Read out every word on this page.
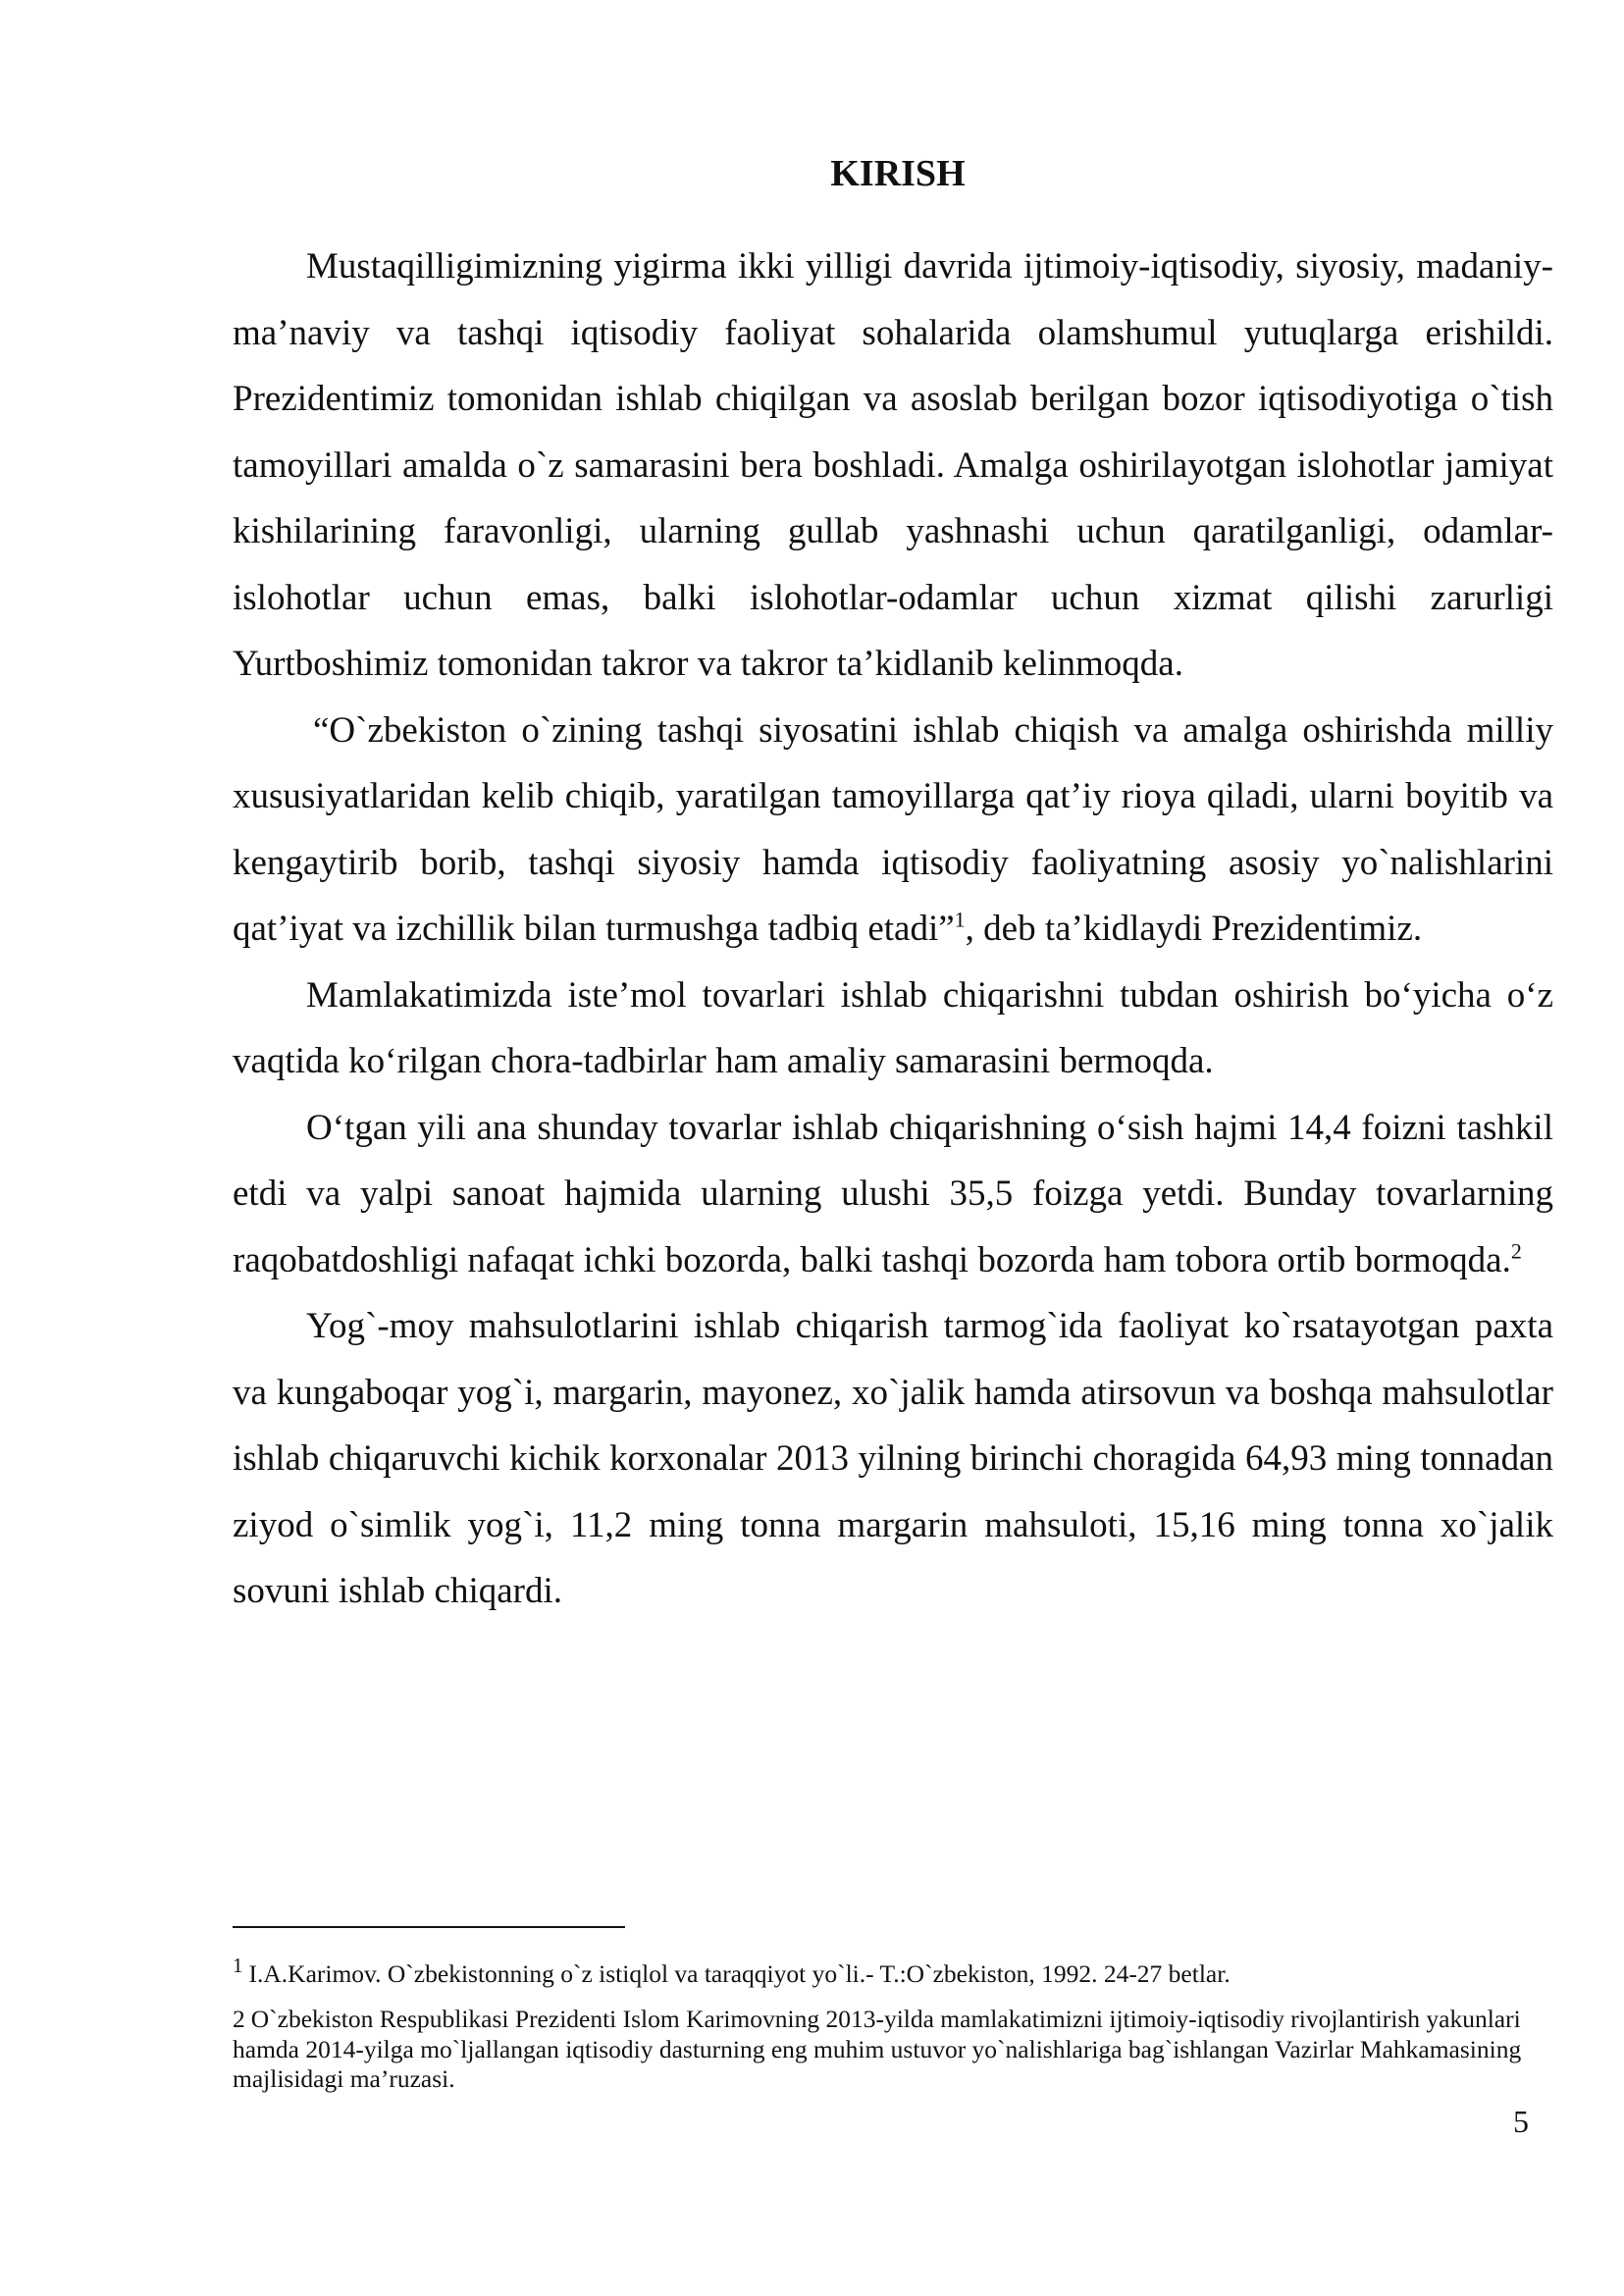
KIRISH

Mustaqilligimizning yigirma ikki yilligi davrida ijtimoiy-iqtisodiy, siyosiy, madaniy-ma’naviy va tashqi iqtisodiy faoliyat sohalarida olamshumul yutuqlarga erishildi. Prezidentimiz tomonidan ishlab chiqilgan va asoslab berilgan bozor iqtisodiyotiga o`tish tamoyillari amalda o`z samarasini bera boshladi. Amalga oshirilayotgan islohotlar jamiyat kishilarining faravonligi, ularning gullab yashnashi uchun qaratilganligi, odamlar-islohotlar uchun emas, balki islohotlar-odamlar uchun xizmat qilishi zarurligi Yurtboshimiz tomonidan takror va takror ta’kidlanib kelinmoqda.

“O`zbekiston o`zining tashqi siyosatini ishlab chiqish va amalga oshirishda milliy xususiyatlaridan kelib chiqib, yaratilgan tamoyillarga qat’iy rioya qiladi, ularni boyitib va kengaytirib borib, tashqi siyosiy hamda iqtisodiy faoliyatning asosiy yo`nalishlarini qat’iyat va izchillik bilan turmushga tadbiq etadi”$^1$, deb ta’kidlaydi Prezidentimiz.

Mamlakatimizda iste’mol tovarlari ishlab chiqarishni tubdan oshirish bo‘yicha o‘z vaqtida ko‘rilgan chora-tadbirlar ham amaliy samarasini bermoqda.

O‘tgan yili ana shunday tovarlar ishlab chiqarishning o‘sish hajmi 14,4 foizni tashkil etdi va yalpi sanoat hajmida ularning ulushi 35,5 foizga yetdi. Bunday tovarlarning raqobatdoshligi nafaqat ichki bozorda, balki tashqi bozorda ham tobora ortib bormoqda.$^2$

Yog`-moy mahsulotlarini ishlab chiqarish tarmog`ida faoliyat ko`rsatayotgan paxta va kungaboqar yog`i, margarin, mayonez, xo`jalik hamda atirsovun va boshqa mahsulotlar ishlab chiqaruvchi kichik korxonalar 2013 yilning birinchi choragida 64,93 ming tonnadan ziyod o`simlik yog`i, 11,2 ming tonna margarin mahsuloti, 15,16 ming tonna xo`jalik sovuni ishlab chiqardi.

$^1$ I.A.Karimov. O`zbekistonning o`z istiqlol va taraqqiyot yo`li.- T.:O`zbekiston, 1992. 24-27 betlar.
2 O`zbekiston Respublikasi Prezidenti Islom Karimovning 2013-yilda mamlakatimizni ijtimoiy-iqtisodiy rivojlantirish yakunlari hamda 2014-yilga mo`ljallangan iqtisodiy dasturning eng muhim ustuvor yo`nalishlariga bag`ishlangan Vazirlar Mahkamasining majlisidagi ma’ruzasi.
5
